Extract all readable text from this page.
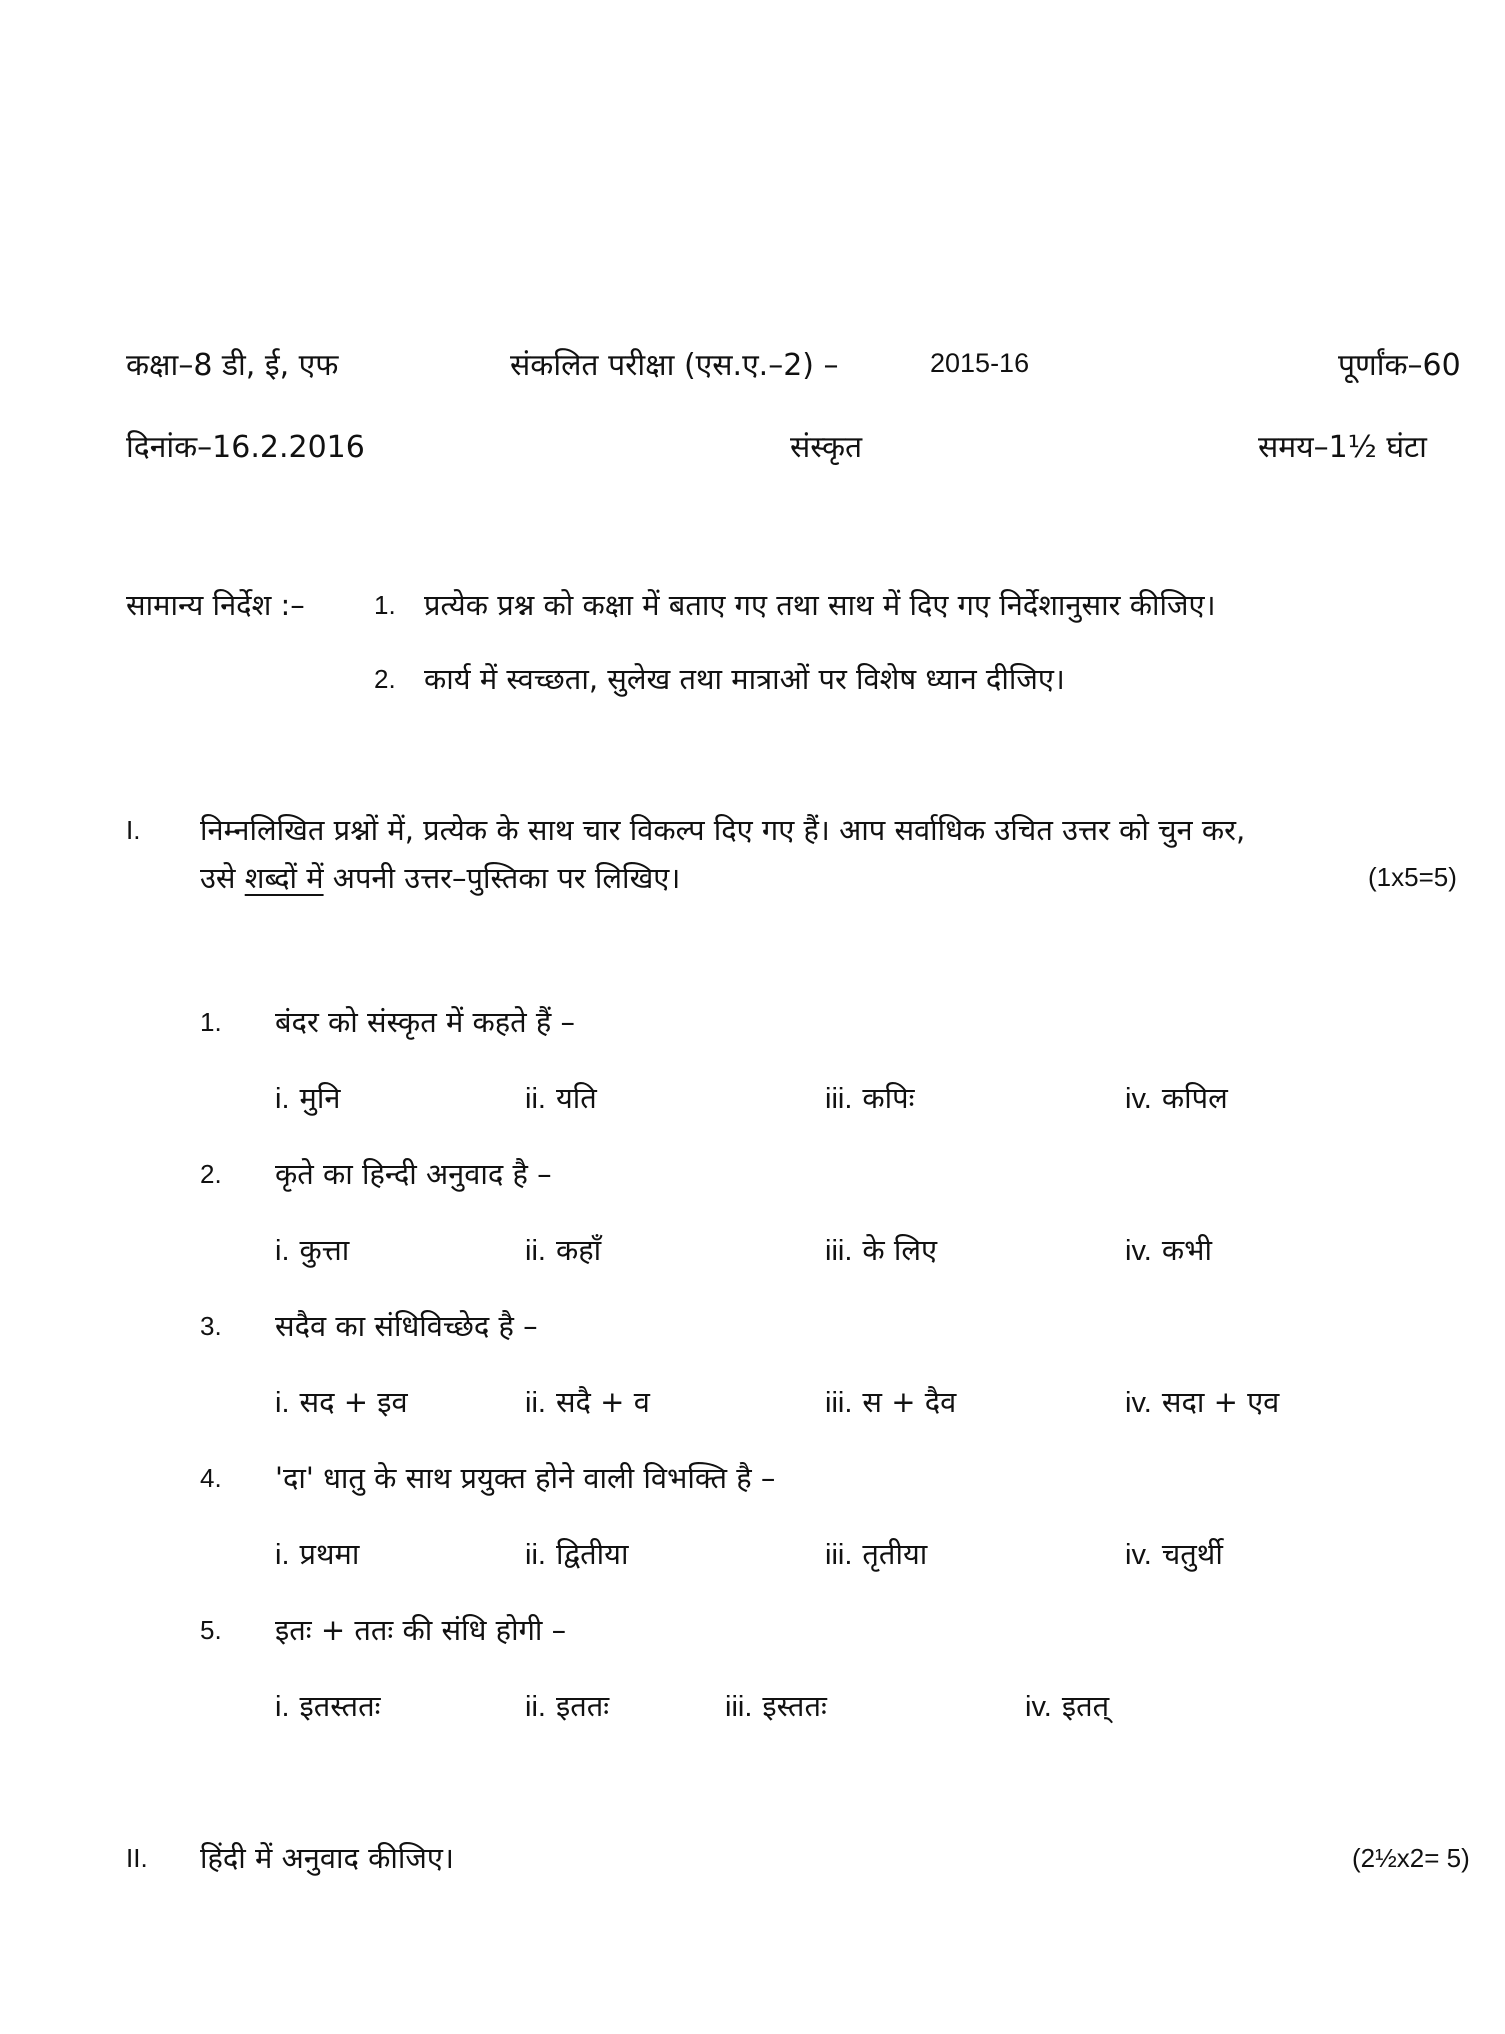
कक्षा–8 डी, ई, एफ	संकलित परीक्षा (एस.ए.–2) –	2015-16	पूर्णांक–60
दिनांक–16.2.2016	संस्कृत	समय–1½ घंटा
सामान्य निर्देश :–	1. प्रत्येक प्रश्न को कक्षा में बताए गए तथा साथ में दिए गए निर्देशानुसार कीजिए।
2. कार्य में स्वच्छता, सुलेख तथा मात्राओं पर विशेष ध्यान दीजिए।
I. निम्नलिखित प्रश्नों में, प्रत्येक के साथ चार विकल्प दिए गए हैं। आप सर्वाधिक उचित उत्तर को चुन कर,
उसे शब्दों में अपनी उत्तर–पुस्तिका पर लिखिए।	(1x5=5)
1. बंदर को संस्कृत में कहते हैं –
i. मुनि	ii. यति	iii. कपिः	iv. कपिल
2. कृते का हिन्दी अनुवाद है –
i. कुत्ता	ii. कहाँ	iii. के लिए	iv. कभी
3. सदैव का संधिविच्छेद है –
i. सद + इव	ii. सदै + व	iii. स + दैव	iv. सदा + एव
4. 'दा' धातु के साथ प्रयुक्त होने वाली विभक्ति है –
i. प्रथमा	ii. द्वितीया	iii. तृतीया	iv. चतुर्थी
5. इतः + ततः की संधि होगी –
i. इतस्ततः	ii. इततः	iii. इस्ततः	iv. इतत्
II. हिंदी में अनुवाद कीजिए।	(2½x2= 5)
